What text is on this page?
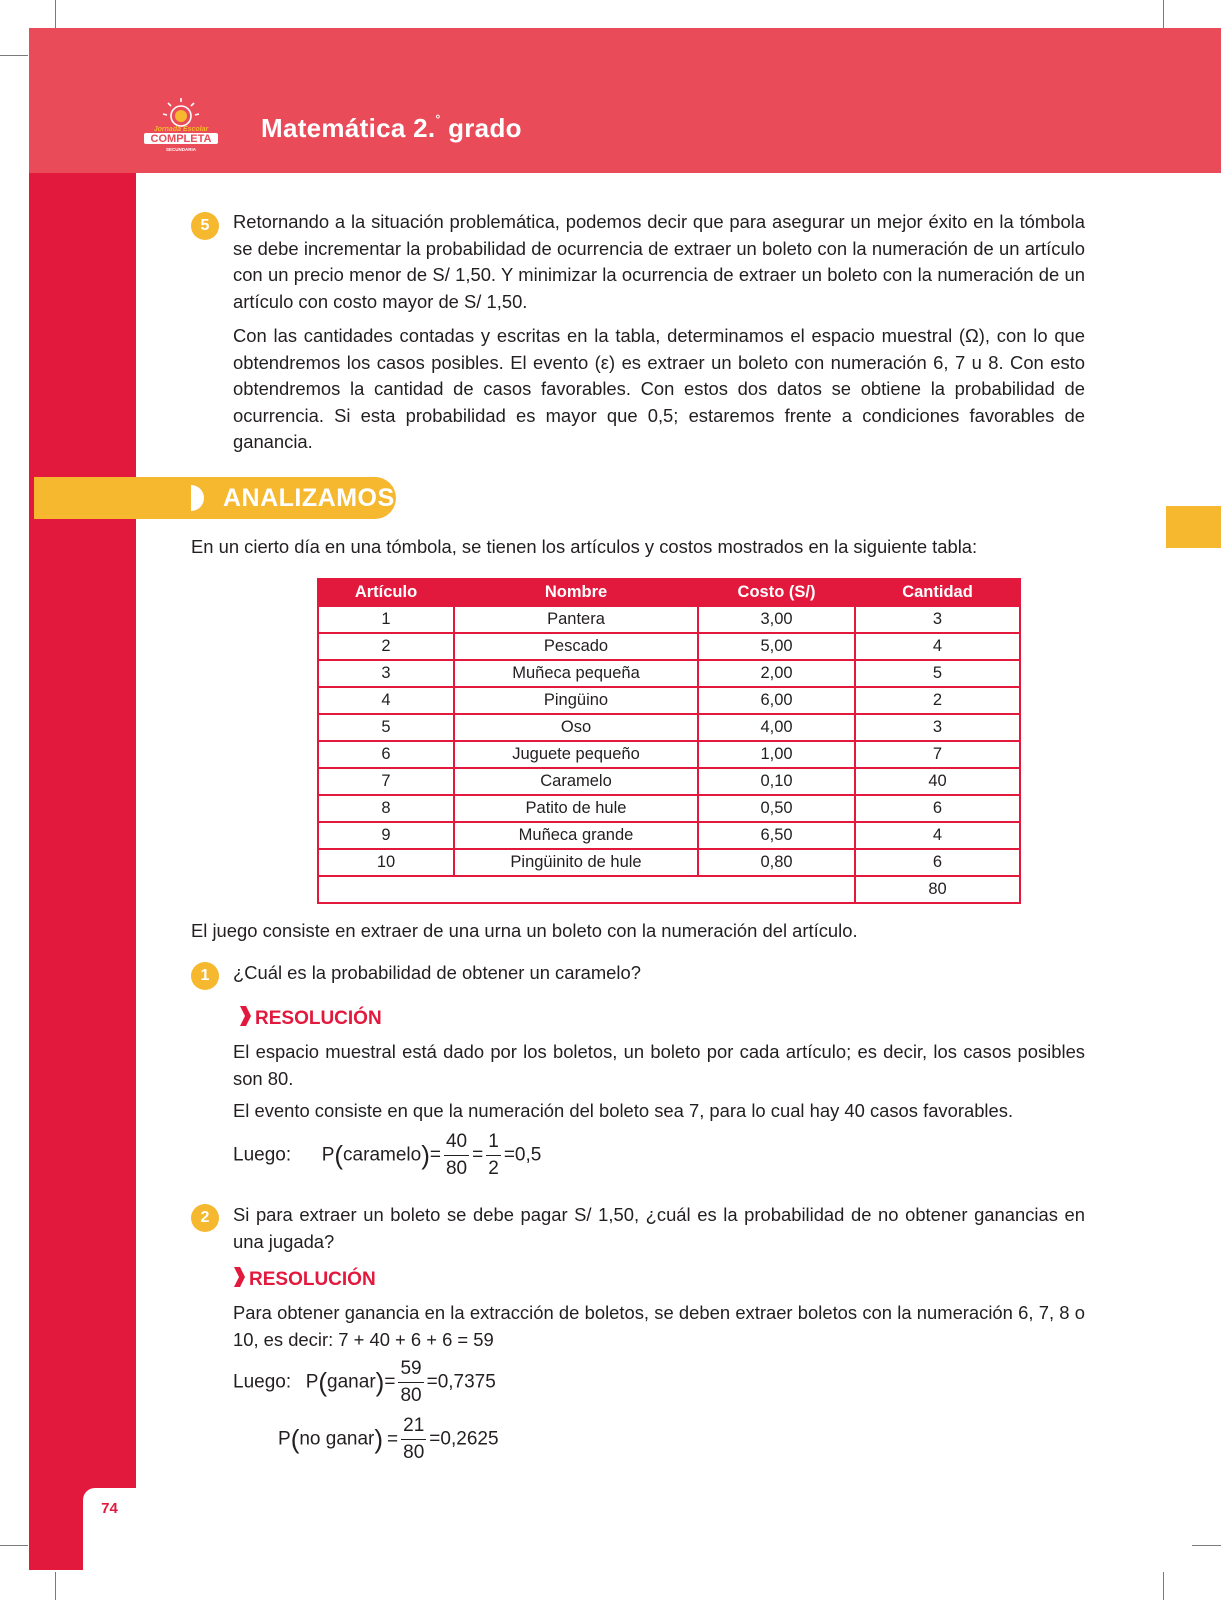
74
Jornada Escolar
COMPLETA
SECUNDARIA
Matemática 2.° grado
5	Retornando a la situación problemática, podemos decir que para asegurar un mejor éxito en la tómbola se debe incrementar la probabilidad de ocurrencia de extraer un boleto con la numeración de un artículo con un precio menor de S/ 1,50. Y minimizar la ocurrencia de extraer un boleto con la numeración de un artículo con costo mayor de S/ 1,50.
Con las cantidades contadas y escritas en la tabla, determinamos el espacio muestral (Ω), con lo que obtendremos los casos posibles. El evento (ε) es extraer un boleto con numeración 6, 7 u 8. Con esto obtendremos la cantidad de casos favorables. Con estos dos datos se obtiene la probabilidad de ocurrencia. Si esta probabilidad es mayor que 0,5; estaremos frente a condiciones favorables de ganancia.
ANALIZAMOS
En un cierto día en una tómbola, se tienen los artículos y costos mostrados en la siguiente tabla:
Artículo	Nombre	Costo (S/)	Cantidad
1	Pantera	3,00	3
2	Pescado	5,00	4
3	Muñeca pequeña	2,00	5
4	Pingüino	6,00	2
5	Oso	4,00	3
6	Juguete pequeño	1,00	7
7	Caramelo	0,10	40
8	Patito de hule	0,50	6
9	Muñeca grande	6,50	4
10	Pingüinito de hule	0,80	6
			80
El juego consiste en extraer de una urna un boleto con la numeración del artículo.
1	¿Cuál es la probabilidad de obtener un caramelo?
RESOLUCIÓN
El espacio muestral está dado por los boletos, un boleto por cada artículo; es decir, los casos posibles son 80.
El evento consiste en que la numeración del boleto sea 7, para lo cual hay 40 casos favorables.
Luego: P(caramelo)= $\frac{40}{80} = \frac{1}{2} =0,5$
2	Si para extraer un boleto se debe pagar S/ 1,50, ¿cuál es la probabilidad de no obtener ganancias en una jugada?
RESOLUCIÓN
Para obtener ganancia en la extracción de boletos, se deben extraer boletos con la numeración 6, 7, 8 o 10, es decir: 7 + 40 + 6 + 6 = 59
Luego: P(ganar)= $\frac{59}{80} =0,7375$
P(no ganar) = $\frac{21}{80} =0,2625$
